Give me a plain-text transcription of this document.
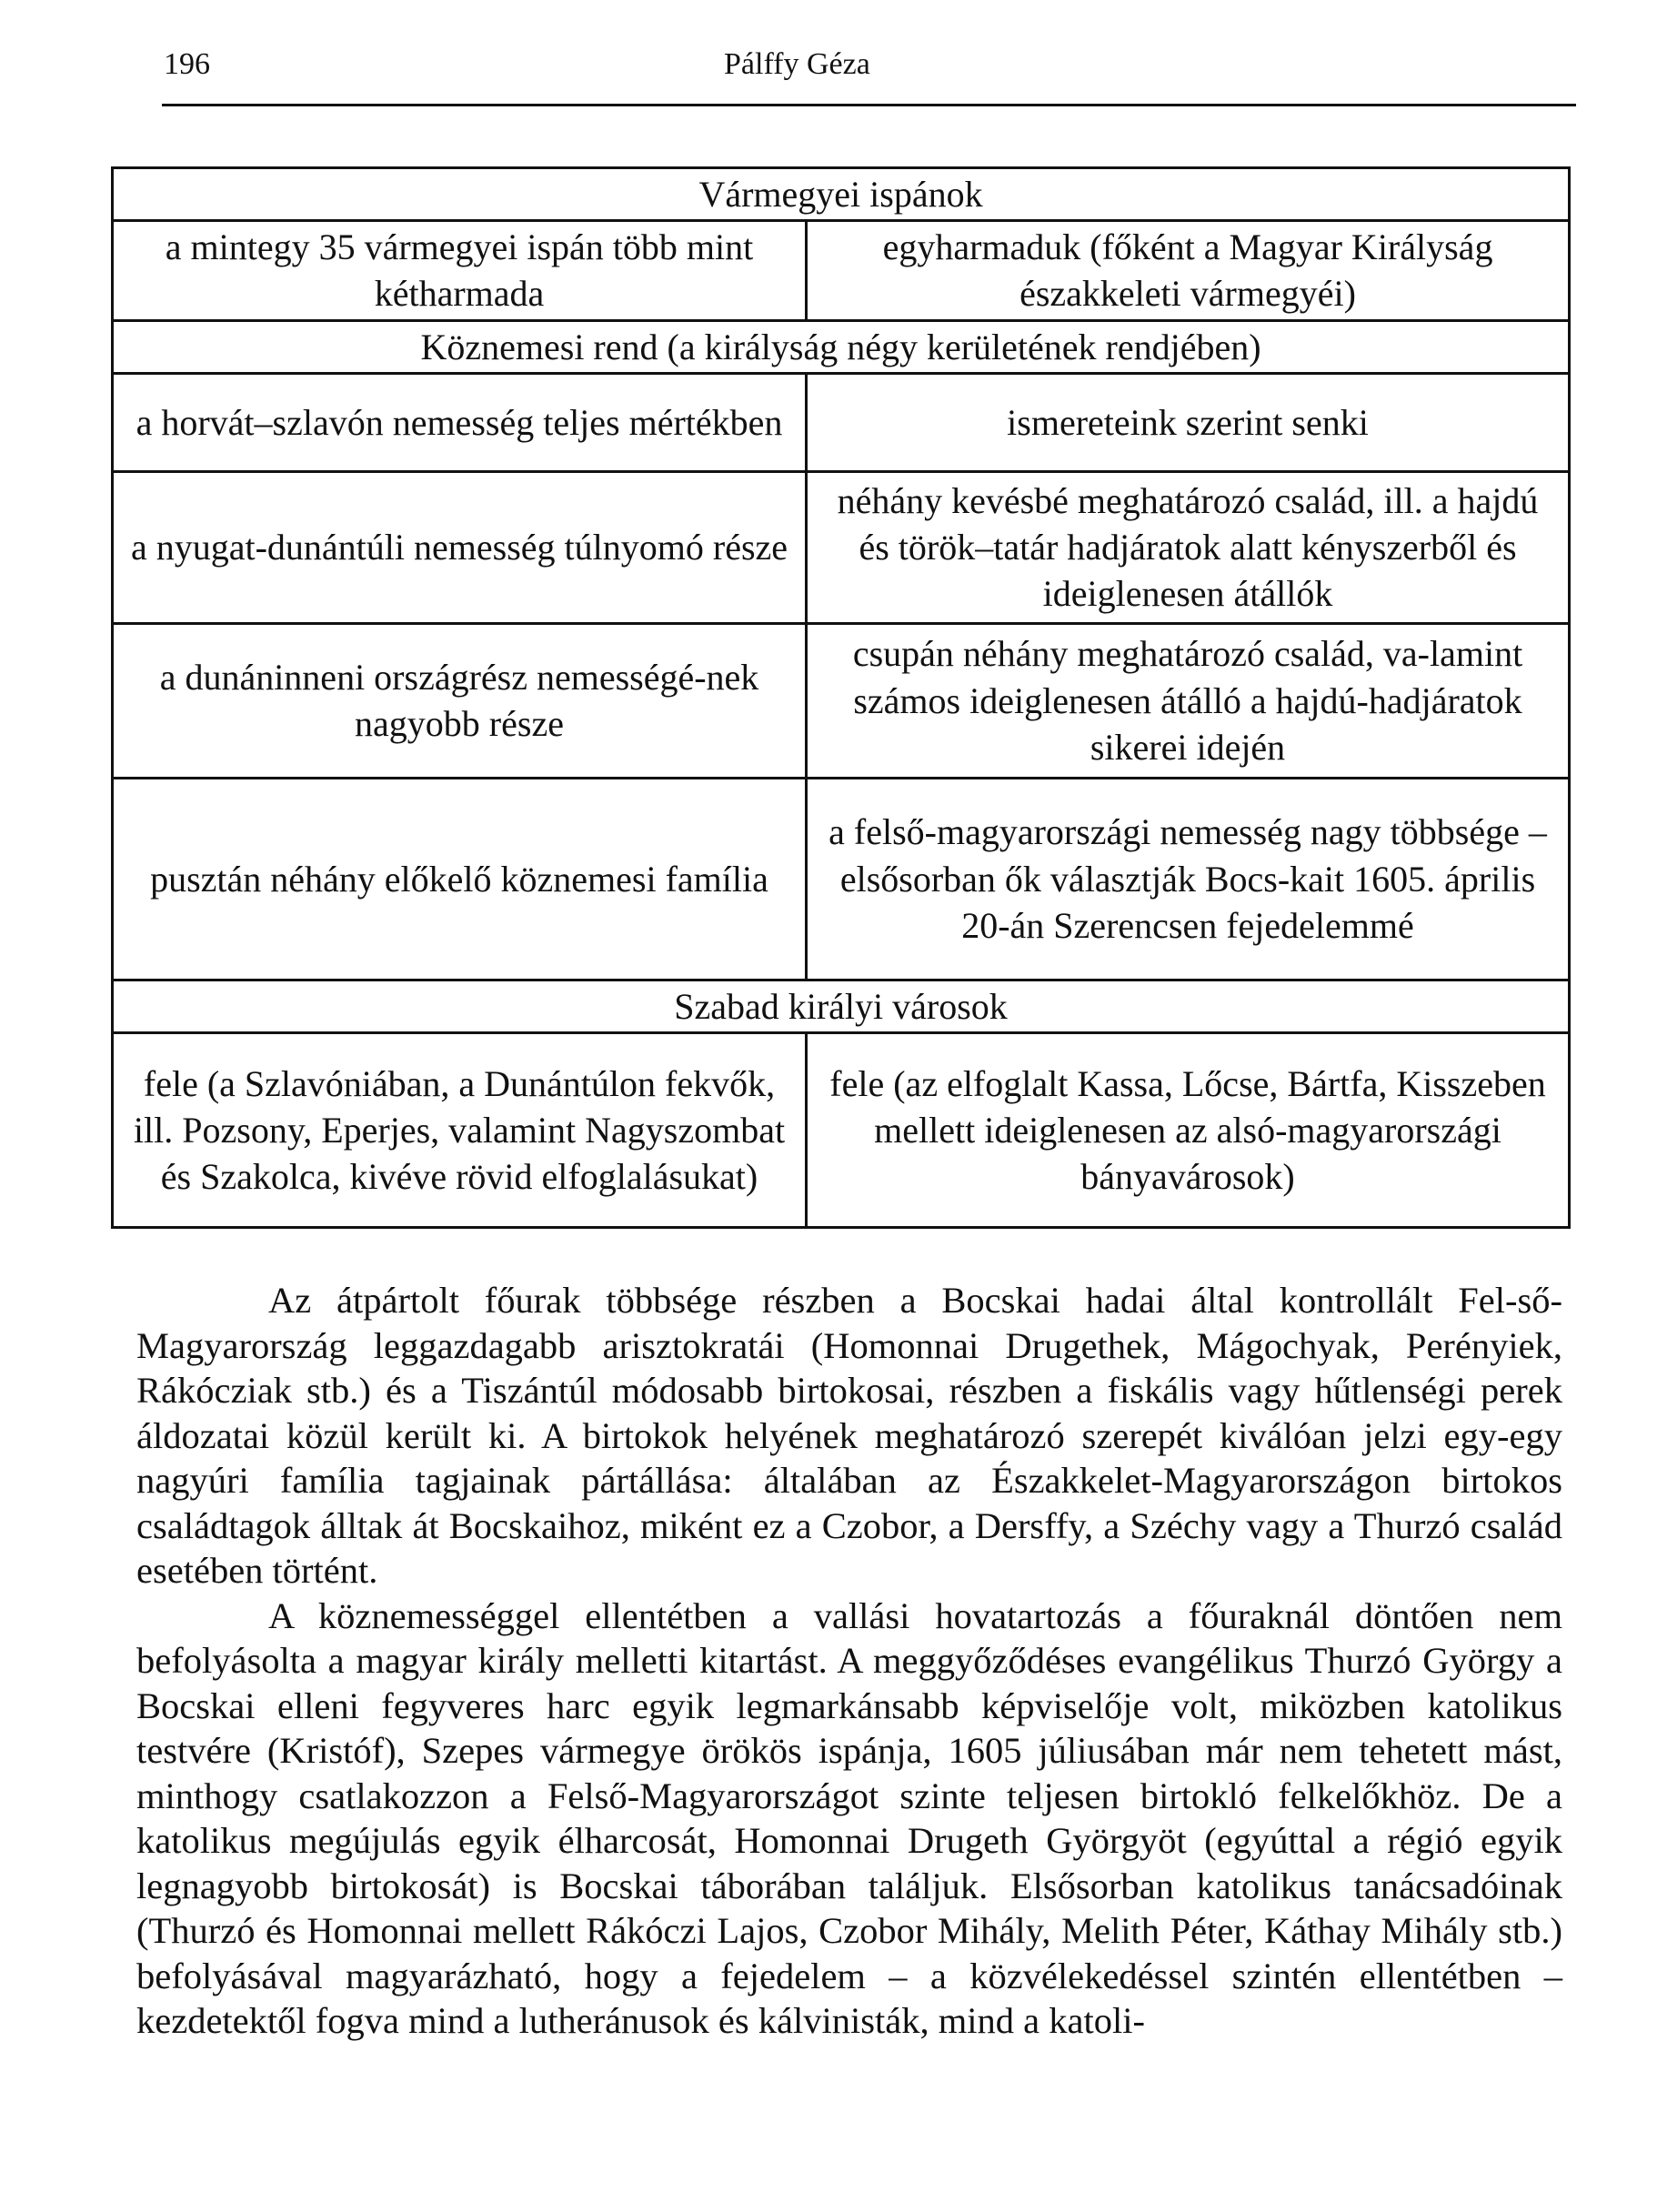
196	Pálffy Géza
Vármegyei ispánok	
a mintegy 35 vármegyei ispán több mint kétharmada	egyharmaduk (főként a Magyar Királyság északkeleti vármegyéi)
Köznemesi rend (a királyság négy kerületének rendjében)	
a horvát–szlavón nemesség teljes mértékben	ismereteink szerint senki
a nyugat-dunántúli nemesség túlnyomó része	néhány kevésbé meghatározó család, ill. a hajdú és török–tatár hadjáratok alatt kényszerből és ideiglenesen átállók
a dunáninneni országrész nemességé-nek nagyobb része	csupán néhány meghatározó család, va-lamint számos ideiglenesen átálló a hajdú-hadjáratok sikerei idején
pusztán néhány előkelő köznemesi família	a felső-magyarországi nemesség nagy többsége – elsősorban ők választják Bocs-kait 1605. április 20-án Szerencsen fejedelemmé
Szabad királyi városok	
fele (a Szlavóniában, a Dunántúlon fekvők, ill. Pozsony, Eperjes, valamint Nagyszombat és Szakolca, kivéve rövid elfoglalásukat)	fele (az elfoglalt Kassa, Lőcse, Bártfa, Kisszeben mellett ideiglenesen az alsó-magyarországi bányavárosok)

Az átpártolt főurak többsége részben a Bocskai hadai által kontrollált Fel-ső-Magyarország leggazdagabb arisztokratái (Homonnai Drugethek, Mágochyak, Perényiek, Rákócziak stb.) és a Tiszántúl módosabb birtokosai, részben a fiskális vagy hűtlenségi perek áldozatai közül került ki. A birtokok helyének meghatározó szerepét kiválóan jelzi egy-egy nagyúri família tagjainak pártállása: általában az Északkelet-Magyarországon birtokos családtagok álltak át Bocskaihoz, miként ez a Czobor, a Dersffy, a Széchy vagy a Thurzó család esetében történt.

A köznemességgel ellentétben a vallási hovatartozás a főuraknál döntően nem befolyásolta a magyar király melletti kitartást. A meggyőződéses evangélikus Thurzó György a Bocskai elleni fegyveres harc egyik legmarkánsabb képviselője volt, miközben katolikus testvére (Kristóf), Szepes vármegye örökös ispánja, 1605 júliusában már nem tehetett mást, minthogy csatlakozzon a Felső-Magyarországot szinte teljesen birtokló felkelőkhöz. De a katolikus megújulás egyik élharcosát, Homonnai Drugeth Györgyöt (egyúttal a régió egyik legnagyobb birtokosát) is Bocskai táborában találjuk. Elsősorban katolikus tanácsadóinak (Thurzó és Homonnai mellett Rákóczi Lajos, Czobor Mihály, Melith Péter, Káthay Mihály stb.) befolyásával magyarázható, hogy a fejedelem – a közvélekedéssel szintén ellentétben – kezdetektől fogva mind a lutheránusok és kálvinisták, mind a katoli-
